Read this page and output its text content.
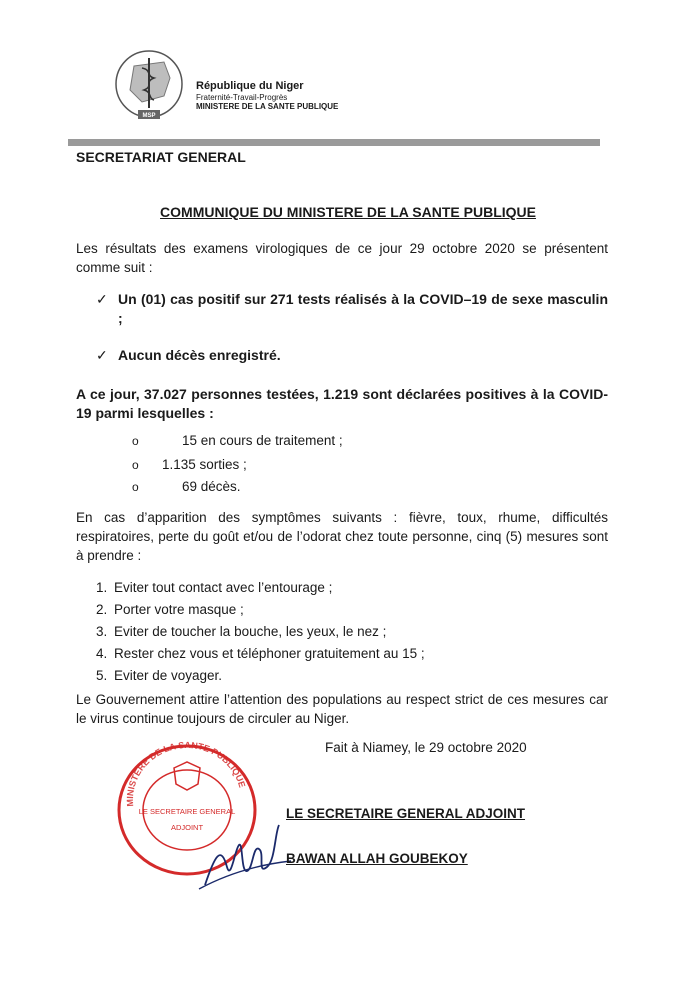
MSP
République du Niger
Fraternité-Travail-Progrès
MINISTERE DE LA SANTE PUBLIQUE
SECRETARIAT GENERAL
COMMUNIQUE DU MINISTERE DE LA SANTE PUBLIQUE
Les résultats des examens virologiques de ce jour 29 octobre 2020 se présentent comme suit :
✓ Un (01) cas positif sur 271 tests réalisés à la COVID–19 de sexe masculin ;
✓ Aucun décès enregistré.
A ce jour, 37.027 personnes testées, 1.219 sont déclarées positives à la COVID- 19 parmi lesquelles :
o	15 en cours de traitement ;
o 1.135 sorties ;
o	69 décès.
En cas d’apparition des symptômes suivants : fièvre, toux, rhume, difficultés respiratoires, perte du goût et/ou de l’odorat chez toute personne, cinq (5) mesures sont à prendre :
1. Eviter tout contact avec l’entourage ;
2. Porter votre masque ;
3. Eviter de toucher la bouche, les yeux, le nez ;
4. Rester chez vous et téléphoner gratuitement au 15 ;
5. Eviter de voyager.
Le Gouvernement attire l’attention des populations au respect strict de ces mesures car le virus continue toujours de circuler au Niger.
Fait à Niamey, le 29 octobre 2020
MINISTERE DE LA SANTE PUBLIQUE
LE SECRETAIRE GENERAL
ADJOINT
LE SECRETAIRE GENERAL ADJOINT
BAWAN ALLAH GOUBEKOY
